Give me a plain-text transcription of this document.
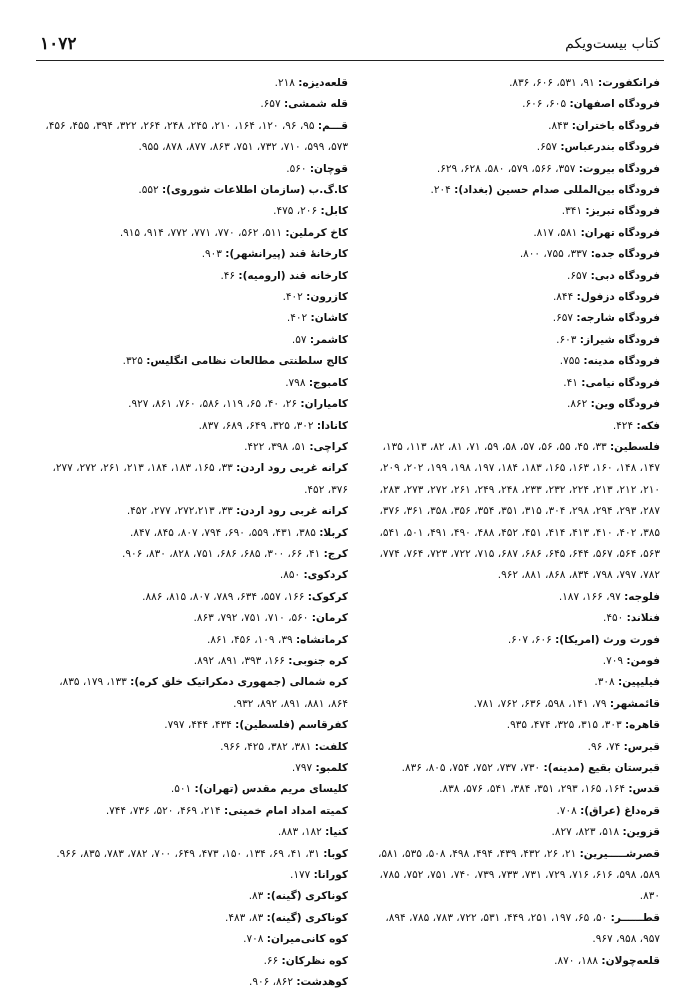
کتاب بیست‌ویکم
۱۰۷۲

فرانکفورت: ۹۱، ۵۳۱، ۶۰۶، ۸۳۶.

فرودگاه اصفهان: ۶۰۵، ۶۰۶.

فرودگاه باختران: ۸۴۳.

فرودگاه بندرعباس: ۶۵۷.

فرودگاه بیروت: ۳۵۷، ۵۶۶، ۵۷۹، ۵۸۰، ۶۲۸، ۶۲۹.

فرودگاه بین‌المللی صدام حسین (بغداد): ۲۰۴.

فرودگاه تبریز: ۳۴۱.

فرودگاه تهران: ۵۸۱، ۸۱۷.

فرودگاه جده: ۳۳۷، ۷۵۵، ۸۰۰.

فرودگاه دبی: ۶۵۷.

فرودگاه دزفول: ۸۴۴.

فرودگاه شارجه: ۶۵۷.

فرودگاه شیراز: ۶۰۳.

فرودگاه مدینه: ۷۵۵.

فرودگاه نیامی: ۴۱.

فرودگاه وین: ۸۶۲.

فکه: ۴۲۴.

فلسطین: ۳۳، ۴۵، ۵۵، ۵۶، ۵۷، ۵۸، ۵۹، ۷۱، ۸۱، ۸۲، ۱۱۳، ۱۳۵، ۱۴۷، ۱۴۸، ۱۶۰، ۱۶۳، ۱۶۵، ۱۸۳، ۱۸۴، ۱۹۷، ۱۹۸، ۱۹۹، ۲۰۲، ۲۰۹، ۲۱۰، ۲۱۲، ۲۱۳، ۲۲۴، ۲۳۲، ۲۳۳، ۲۴۸، ۲۴۹، ۲۶۱، ۲۷۲، ۲۷۳، ۲۸۳، ۲۸۷، ۲۹۳، ۲۹۴، ۲۹۸، ۳۰۴، ۳۱۵، ۳۵۱، ۳۵۴، ۳۵۶، ۳۵۸، ۳۶۱، ۳۷۶، ۳۸۵، ۴۰۲، ۴۱۰، ۴۱۳، ۴۱۴، ۴۵۱، ۴۵۲، ۴۸۸، ۴۹۰، ۴۹۱، ۵۰۱، ۵۴۱، ۵۶۳، ۵۶۴، ۵۶۷، ۶۴۴، ۶۴۵، ۶۸۶، ۶۸۷، ۷۱۵، ۷۲۲، ۷۲۳، ۷۶۴، ۷۷۴، ۷۸۲، ۷۹۷، ۷۹۸، ۸۳۴، ۸۶۸، ۸۸۱، ۹۶۲.

فلوجه: ۹۷، ۱۶۶، ۱۸۷.

فنلاند: ۴۵۰.

فورت ورث (امریکا): ۶۰۶، ۶۰۷.

فومن: ۷۰۹.

فیلیپین: ۳۰۸.

قائمشهر: ۷۹، ۱۴۱، ۵۹۸، ۶۳۶، ۷۶۲، ۷۸۱.

قاهره: ۳۰۳، ۳۱۵، ۳۲۵، ۴۷۴، ۹۳۵.

قبرس: ۷۴، ۹۶.

قبرستان بقیع (مدینه): ۷۳۰، ۷۳۷، ۷۵۲، ۷۵۴، ۸۰۵، ۸۳۶.

قدس: ۱۶۴، ۱۶۵، ۲۹۳، ۳۵۱، ۳۸۴، ۵۴۱، ۵۷۶، ۸۳۸.

قره‌داغ (عراق): ۷۰۸.

قزوین: ۵۱۸، ۸۲۳، ۸۲۷.

قصرشـــــیرین: ۲۱، ۲۶، ۴۳۲، ۴۳۹، ۴۹۴، ۴۹۸، ۵۰۸، ۵۳۵، ۵۸۱، ۵۸۹، ۵۹۸، ۶۱۶، ۷۱۶، ۷۲۹، ۷۳۱، ۷۳۳، ۷۳۹، ۷۴۰، ۷۵۱، ۷۵۲، ۷۸۵، ۸۳۰.

قطــــــر: ۵۰، ۶۵، ۱۹۷، ۲۵۱، ۴۴۹، ۵۳۱، ۷۲۲، ۷۸۳، ۷۸۵، ۸۹۴، ۹۵۷، ۹۵۸، ۹۶۷.

قلعه‌چولان: ۱۸۸، ۸۷۰.

قلعه‌دیزه: ۲۱۸.

قله شمشی: ۶۵۷.

قـــم: ۹۵، ۹۶، ۱۲۰، ۱۶۴، ۲۱۰، ۲۴۵، ۲۴۸، ۲۶۴، ۳۲۲، ۳۹۴، ۴۵۵، ۴۵۶، ۵۷۳، ۵۹۹، ۷۱۰، ۷۳۲، ۷۵۱، ۸۶۳، ۸۷۷، ۸۷۸، ۹۵۵.

قوچان: ۵۶۰.

کا.گ.ب (سازمان اطلاعات شوروی): ۵۵۲.

کابل: ۲۰۶، ۴۷۵.

کاخ کرملین: ۵۱۱، ۵۶۲، ۷۷۰، ۷۷۱، ۷۷۲، ۹۱۴، ۹۱۵.

کارخانهٔ قند (پیرانشهر): ۹۰۳.

کارخانه قند (ارومیه): ۴۶.

کازرون: ۴۰۲.

کاشان: ۴۰۲.

کاشمر: ۵۷.

کالج سلطنتی مطالعات نظامی انگلیس: ۳۲۵.

کامبوج: ۷۹۸.

کامیاران: ۲۶، ۴۰، ۶۵، ۱۱۹، ۵۸۶، ۷۶۰، ۸۶۱، ۹۲۷.

کانادا: ۳۰۲، ۳۲۵، ۶۴۹، ۶۸۹، ۸۳۷.

کراچی: ۵۱، ۳۹۸، ۴۲۲.

کرانه غربی رود اردن: ۳۳، ۱۶۵، ۱۸۳، ۱۸۴، ۲۱۳، ۲۶۱، ۲۷۲، ۲۷۷، ۳۷۶، ۴۵۲.

کرانه غربی رود اردن: ۳۳، ۲۷۲،۲۱۳، ۲۷۷، ۴۵۲.

کربلا: ۳۸۵، ۴۳۱، ۵۵۹، ۶۹۰، ۷۹۴، ۸۰۷، ۸۴۵، ۸۴۷.

کرج: ۴۱، ۶۶، ۳۰۰، ۶۸۵، ۶۸۶، ۷۵۱، ۸۲۸، ۸۳۰، ۹۰۶.

کردکوی: ۸۵۰.

کرکوک: ۱۶۶، ۵۵۷، ۶۳۴، ۷۸۹، ۸۰۷، ۸۱۵، ۸۸۶.

کرمان: ۵۶۰، ۷۱۰، ۷۵۱، ۷۹۲، ۸۶۳.

کرمانشاه: ۳۹، ۱۰۹، ۴۵۶، ۸۶۱.

کره جنوبی: ۱۶۶، ۳۹۳، ۸۹۱، ۸۹۲.

کره شمالی (جمهوری دمکراتیک خلق کره): ۱۳۳، ۱۷۹، ۸۳۵، ۸۶۴، ۸۸۱، ۸۹۱، ۸۹۲، ۹۳۲.

کفرقاسم (فلسطین): ۴۳۴، ۴۴۴، ۷۹۷.

کلفت: ۳۸۱، ۳۸۲، ۴۲۵، ۹۶۶.

کلمبو: ۷۹۷.

کلیسای مریم مقدس (تهران): ۵۰۱.

کمیته امداد امام خمینی: ۲۱۴، ۴۶۹، ۵۲۰، ۷۳۶، ۷۴۴.

کنیا: ۱۸۲، ۸۸۳.

کوبا: ۳۱، ۴۱، ۶۹، ۱۳۴، ۱۵۰، ۴۷۳، ۶۴۹، ۷۰۰، ۷۸۲، ۷۸۳، ۸۳۵، ۹۶۶.

کورانا: ۱۷۷.

کوناکری (گینه): ۸۳.

کوناکری (گینه): ۸۳، ۴۸۳.

کوه کانی‌میران: ۷۰۸.

کوه نظرکان: ۶۶.

کوهدشت: ۸۶۲، ۹۰۶.
